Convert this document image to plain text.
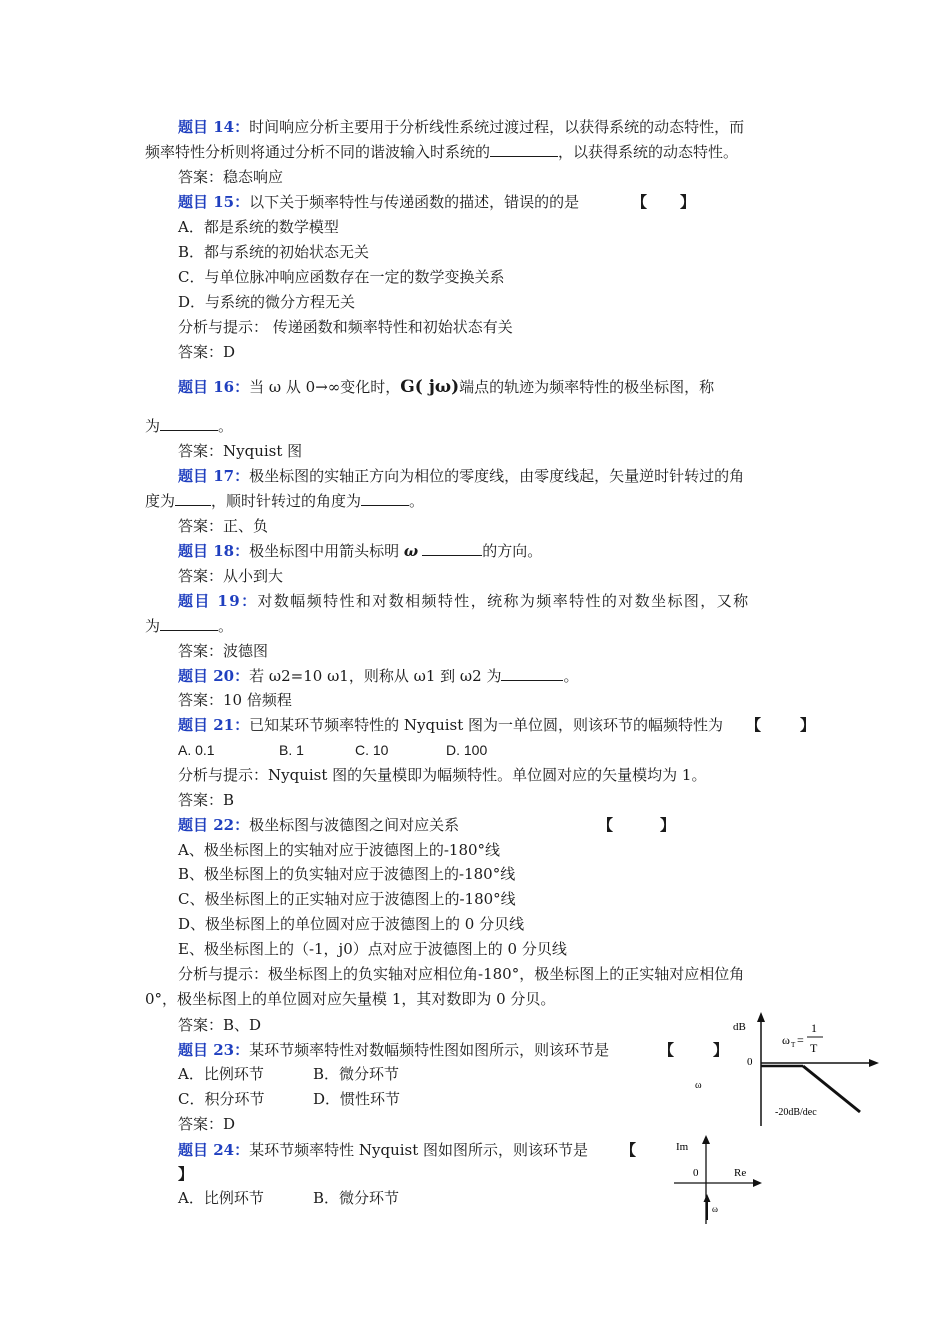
题目 14：时间响应分析主要用于分析线性系统过渡过程，以获得系统的动态特性，而
频率特性分析则将通过分析不同的谐波输入时系统的	，以获得系统的动态特性。
答案：稳态响应
题目 15：以下关于频率特性与传递函数的描述，错误的的是	【 】
A．都是系统的数学模型
B．都与系统的初始状态无关
C．与单位脉冲响应函数存在一定的数学变换关系
D．与系统的微分方程无关
分析与提示： 传递函数和频率特性和初始状态有关
答案：D
题目 16：当 ω 从 0→∞变化时，G( jω)端点的轨迹为频率特性的极坐标图，称
为	。
答案：Nyquist 图
题目 17：极坐标图的实轴正方向为相位的零度线，由零度线起，矢量逆时针转过的角
度为 ，顺时针转过的角度为	。
答案：正、负
题目 18：极坐标图中用箭头标明 ω	的方向。
答案：从小到大
题目 19：对数幅频特性和对数相频特性，统称为频率特性的对数坐标图，又称
为	。
答案：波德图
题目 20：若 ω2=10 ω1，则称从 ω1 到 ω2 为	。
答案：10 倍频程
题目 21：已知某环节频率特性的 Nyquist 图为一单位圆，则该环节的幅频特性为 【	】
A. 0.1	B. 1	C. 10	D. 100
分析与提示：Nyquist 图的矢量模即为幅频特性。单位圆对应的矢量模均为 1。
答案：B
题目 22：极坐标图与波德图之间对应关系	【	】
A、极坐标图上的实轴对应于波德图上的-180°线
B、极坐标图上的负实轴对应于波德图上的-180°线
C、极坐标图上的正实轴对应于波德图上的-180°线
D、极坐标图上的单位圆对应于波德图上的 0 分贝线
E、极坐标图上的（-1，j0）点对应于波德图上的 0 分贝线
分析与提示：极坐标图上的负实轴对应相位角-180°，极坐标图上的正实轴对应相位角
0°，极坐标图上的单位圆对应矢量模 1，其对数即为 0 分贝。
答案：B、D
题目 23：某环节频率特性对数幅频特性图如图所示，则该环节是	【	】
A．比例环节	B．微分环节
C．积分环节	D．惯性环节
答案：D
dB
0
ω
ω T =
1
T
-20dB/dec
题目 24：某环节频率特性 Nyquist 图如图所示，则该环节是 【
】
A．比例环节	B．微分环节
Im
0	Re
ω
